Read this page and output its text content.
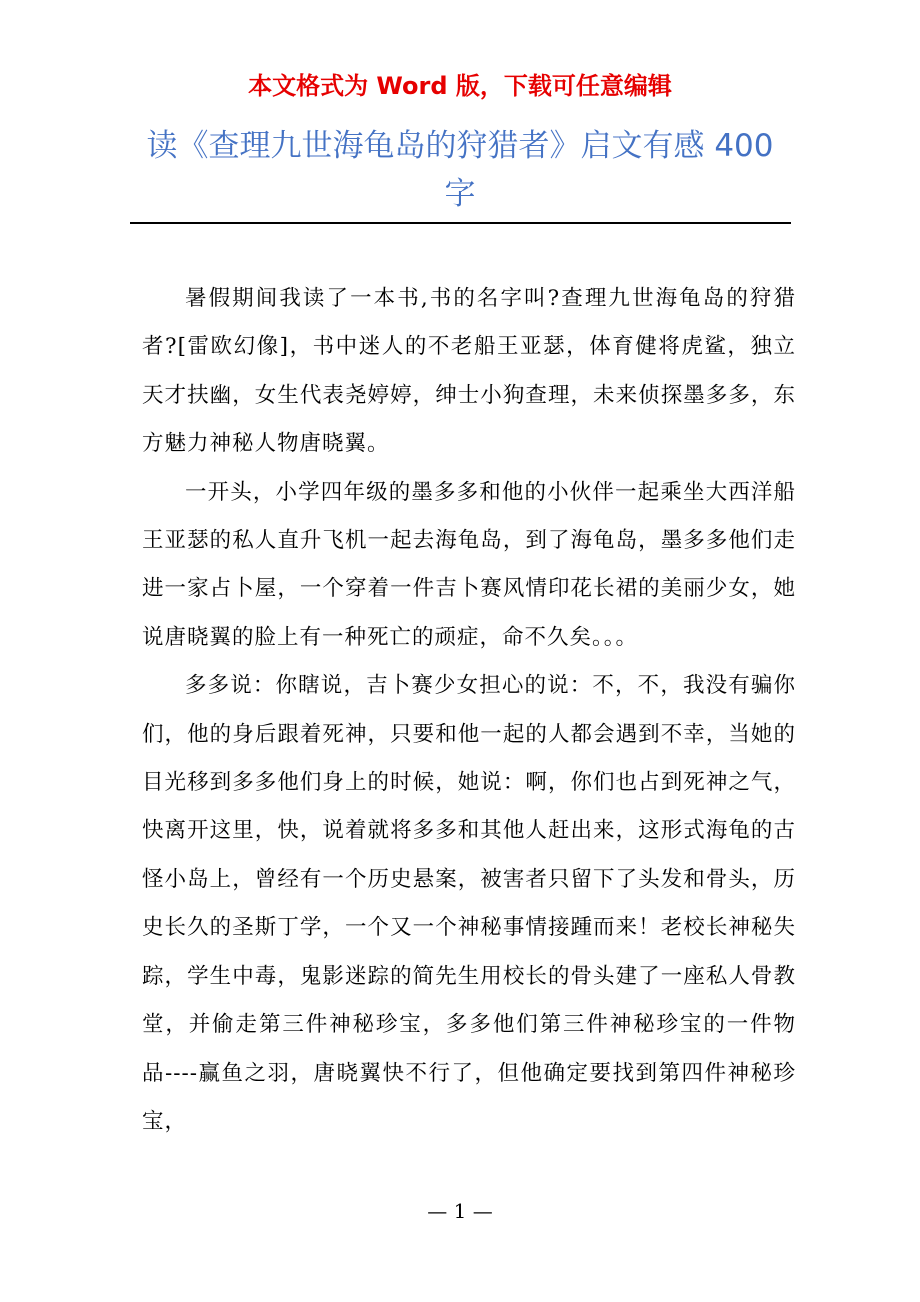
本文格式为 Word 版，下载可任意编辑
读《查理九世海龟岛的狩猎者》启文有感 400 字

暑假期间我读了一本书,书的名字叫?查理九世海龟岛的狩猎者?[雷欧幻像]，书中迷人的不老船王亚瑟，体育健将虎鲨，独立天才扶幽，女生代表尧婷婷，绅士小狗查理，未来侦探墨多多，东方魅力神秘人物唐晓翼。

一开头，小学四年级的墨多多和他的小伙伴一起乘坐大西洋船王亚瑟的私人直升飞机一起去海龟岛，到了海龟岛，墨多多他们走进一家占卜屋，一个穿着一件吉卜赛风情印花长裙的美丽少女，她说唐晓翼的脸上有一种死亡的顽症，命不久矣。。。

多多说：你瞎说，吉卜赛少女担心的说：不，不，我没有骗你们，他的身后跟着死神，只要和他一起的人都会遇到不幸，当她的目光移到多多他们身上的时候，她说：啊，你们也占到死神之气，快离开这里，快，说着就将多多和其他人赶出来，这形式海龟的古怪小岛上，曾经有一个历史悬案，被害者只留下了头发和骨头，历史长久的圣斯丁学，一个又一个神秘事情接踵而来！老校长神秘失踪，学生中毒，鬼影迷踪的简先生用校长的骨头建了一座私人骨教堂，并偷走第三件神秘珍宝，多多他们第三件神秘珍宝的一件物品----赢鱼之羽，唐晓翼快不行了，但他确定要找到第四件神秘珍宝，

— 1 —
